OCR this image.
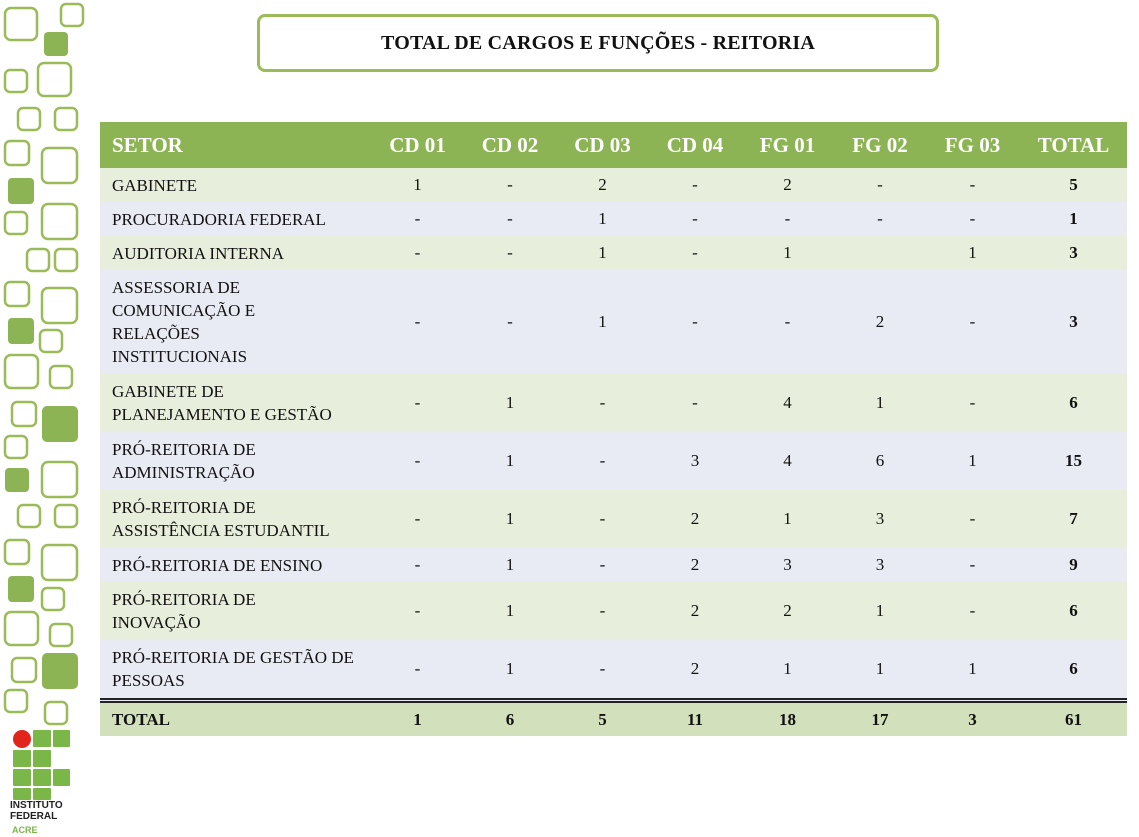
INSTITUTO
FEDERAL
ACRE
TOTAL DE CARGOS E FUNÇÕES - REITORIA
SETOR	CD 01	CD 02	CD 03	CD 04	FG 01	FG 02	FG 03	TOTAL
GABINETE	1	-	2	-	2	-	-	5
PROCURADORIA FEDERAL	-	-	1	-	-	-	-	1
AUDITORIA INTERNA	-	-	1	-	1		1	3
ASSESSORIA DE COMUNICAÇÃO E RELAÇÕES INSTITUCIONAIS	-	-	1	-	-	2	-	3
GABINETE DE PLANEJAMENTO E GESTÃO	-	1	-	-	4	1	-	6
PRÓ-REITORIA DE ADMINISTRAÇÃO	-	1	-	3	4	6	1	15
PRÓ-REITORIA DE ASSISTÊNCIA ESTUDANTIL	-	1	-	2	1	3	-	7
PRÓ-REITORIA DE ENSINO	-	1	-	2	3	3	-	9
PRÓ-REITORIA DE INOVAÇÃO	-	1	-	2	2	1	-	6
PRÓ-REITORIA DE GESTÃO DE PESSOAS	-	1	-	2	1	1	1	6
TOTAL	1	6	5	11	18	17	3	61
